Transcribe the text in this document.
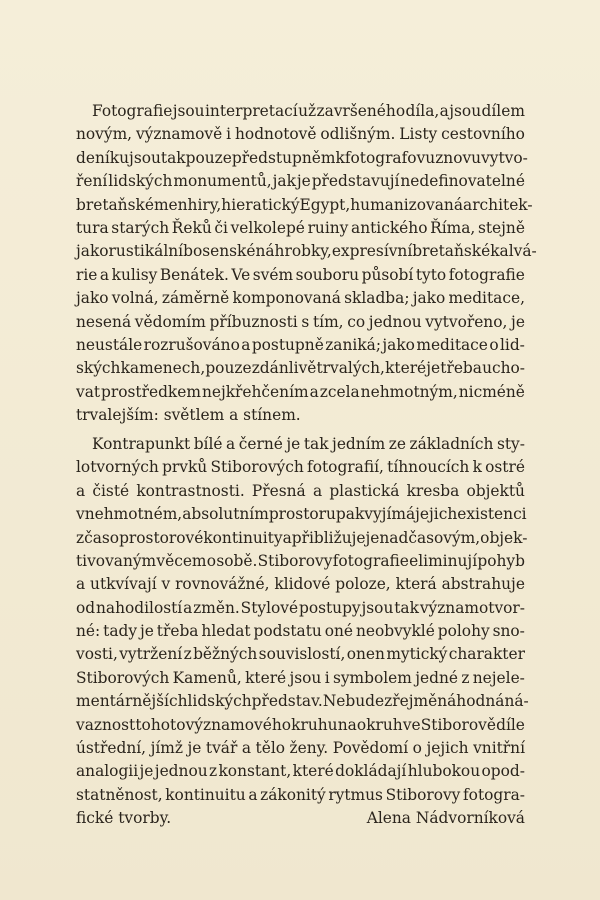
Fotografie jsou interpretací už završeného díla, a jsou dílem
novým, významově i hodnotově odlišným. Listy cestovního
deníku jsou tak pouze předstupněm k fotografovu znovuvytvo-
ření lidských monumentů, jak je představují nedefinovatelné
bretaňské menhiry, hieratický Egypt, humanizovaná architek-
tura starých Řeků či velkolepé ruiny antického Říma, stejně
jako rustikální bosenské náhrobky, expresívní bretaňské kalvá-
rie a kulisy Benátek. Ve svém souboru působí tyto fotografie
jako volná, záměrně komponovaná skladba; jako meditace,
nesená vědomím příbuznosti s tím, co jednou vytvořeno, je
neustále rozrušováno a postupně zaniká; jako meditace o lid-
ských kamenech, pouze zdánlivě trvalých, které je třeba ucho-
vat prostředkem nejkřehčením a zcela nehmotným, nicméně
trvalejším: světlem a stínem.
Kontrapunkt bílé a černé je tak jedním ze základních sty-
lotvorných prvků Stiborových fotografií, tíhnoucích k ostré
a čisté kontrastnosti. Přesná a plastická kresba objektů
v nehmotném, absolutním prostoru pak vyjímá jejich existenci
z časoprostorové kontinuity a přibližuje je nadčasovým, objek-
tivovaným věcem o sobě. Stiborovy fotografie eliminují pohyb
a utkvívají v rovnovážné, klidové poloze, která abstrahuje
od nahodilostí a změn. Stylové postupy jsou tak významotvor-
né: tady je třeba hledat podstatu oné neobvyklé polohy sno-
vosti, vytržení z běžných souvislostí, onen mytický charakter
Stiborových Kamenů, které jsou i symbolem jedné z nejele-
mentárnějších lidských představ. Nebude zřejmě náhodná ná-
vaznost tohoto významového kruhu na okruh ve Stiborově díle
ústřední, jímž je tvář a tělo ženy. Povědomí o jejich vnitřní
analogii je jednou z konstant, které dokládají hlubokou opod-
statněnost, kontinuitu a zákonitý rytmus Stiborovy fotogra-
fické tvorby.	Alena Nádvorníková
